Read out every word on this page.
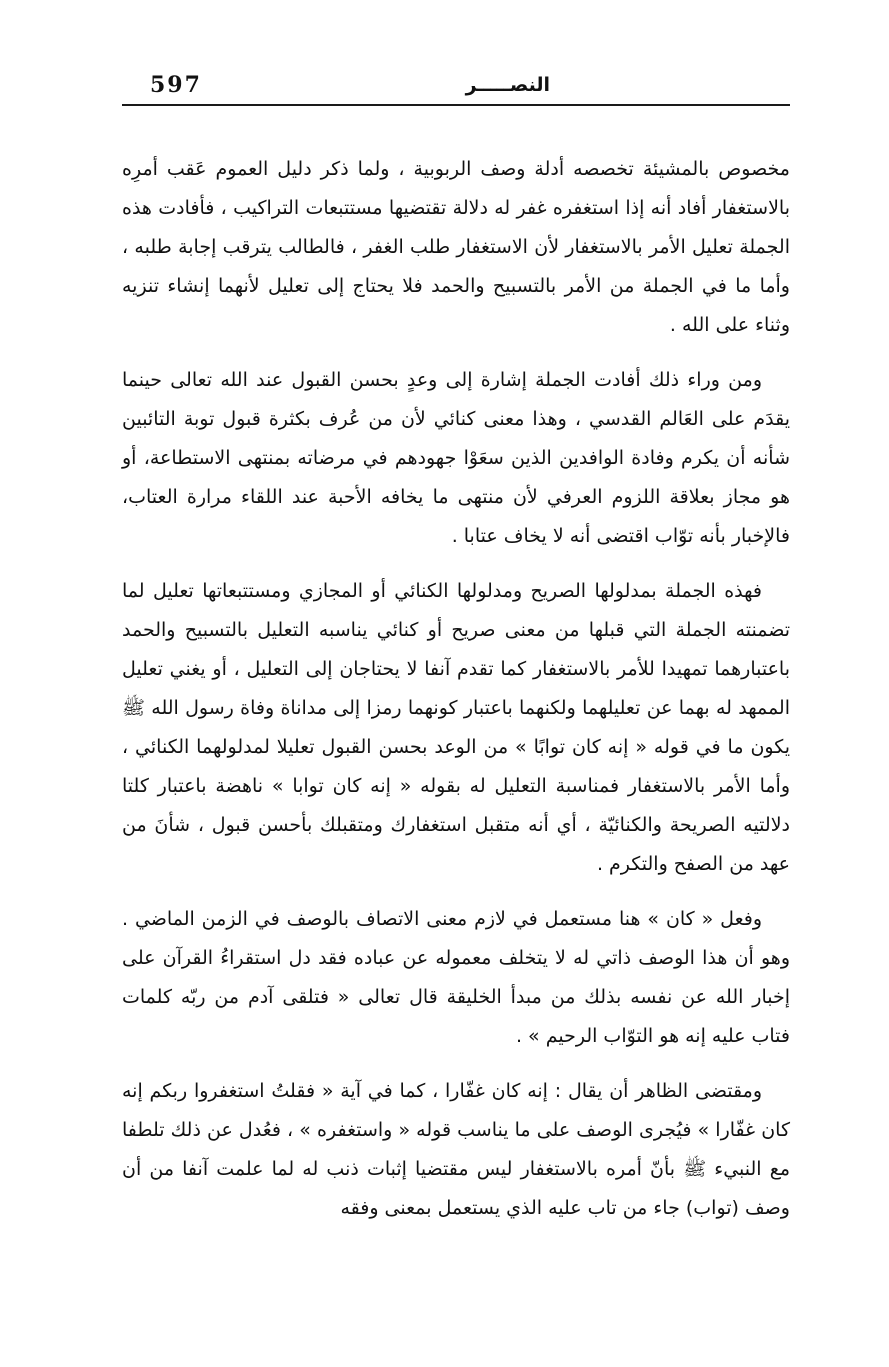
597	النصـــــر

مخصوص بالمشيئة تخصصه أدلة وصف الربوبية ، ولما ذكر دليل العموم عَقب أمرِه بالاستغفار أفاد أنه إذا استغفره غفر له دلالة تقتضيها مستتبعات التراكيب ، فأفادت هذه الجملة تعليل الأمر بالاستغفار لأن الاستغفار طلب الغفر ، فالطالب يترقب إجابة طلبه ، وأما ما في الجملة من الأمر بالتسبيح والحمد فلا يحتاج إلى تعليل لأنهما إنشاء تنزيه وثناء على الله .

ومن وراء ذلك أفادت الجملة إشارة إلى وعدٍ بحسن القبول عند الله تعالى حينما يقدَم على العَالم القدسي ، وهذا معنى كنائي لأن من عُرف بكثرة قبول توبة التائبين شأنه أن يكرم وفادة الوافدين الذين سعَوْا جهودهم في مرضاته بمنتهى الاستطاعة، أو هو مجاز بعلاقة اللزوم العرفي لأن منتهى ما يخافه الأحبة عند اللقاء مرارة العتاب، فالإخبار بأنه توّاب اقتضى أنه لا يخاف عتابا .

فهذه الجملة بمدلولها الصريح ومدلولها الكنائي أو المجازي ومستتبعاتها تعليل لما تضمنته الجملة التي قبلها من معنى صريح أو كنائي يناسبه التعليل بالتسبيح والحمد باعتبارهما تمهيدا للأمر بالاستغفار كما تقدم آنفا لا يحتاجان إلى التعليل ، أو يغني تعليل الممهد له بهما عن تعليلهما ولكنهما باعتبار كونهما رمزا إلى مداناة وفاة رسول الله ﷺ يكون ما في قوله « إنه كان توابًا » من الوعد بحسن القبول تعليلا لمدلولهما الكنائي ، وأما الأمر بالاستغفار فمناسبة التعليل له بقوله « إنه كان توابا » ناهضة باعتبار كلتا دلالتيه الصريحة والكنائيّة ، أي أنه متقبل استغفارك ومتقبلك بأحسن قبول ، شأنَ من عهد من الصفح والتكرم .

وفعل « كان » هنا مستعمل في لازم معنى الاتصاف بالوصف في الزمن الماضي . وهو أن هذا الوصف ذاتي له لا يتخلف معموله عن عباده فقد دل استقراءُ القرآن على إخبار الله عن نفسه بذلك من مبدأ الخليقة قال تعالى « فتلقى آدم من ربّه كلمات فتاب عليه إنه هو التوّاب الرحيم » .

ومقتضى الظاهر أن يقال : إنه كان غفّارا ، كما في آية « فقلتُ استغفروا ربكم إنه كان غفّارا » فيُجرى الوصف على ما يناسب قوله « واستغفره » ، فعُدل عن ذلك تلطفا مع النبيء ﷺ بأنّ أمره بالاستغفار ليس مقتضيا إثبات ذنب له لما علمت آنفا من أن وصف (تواب) جاء من تاب عليه الذي يستعمل بمعنى وفقه
